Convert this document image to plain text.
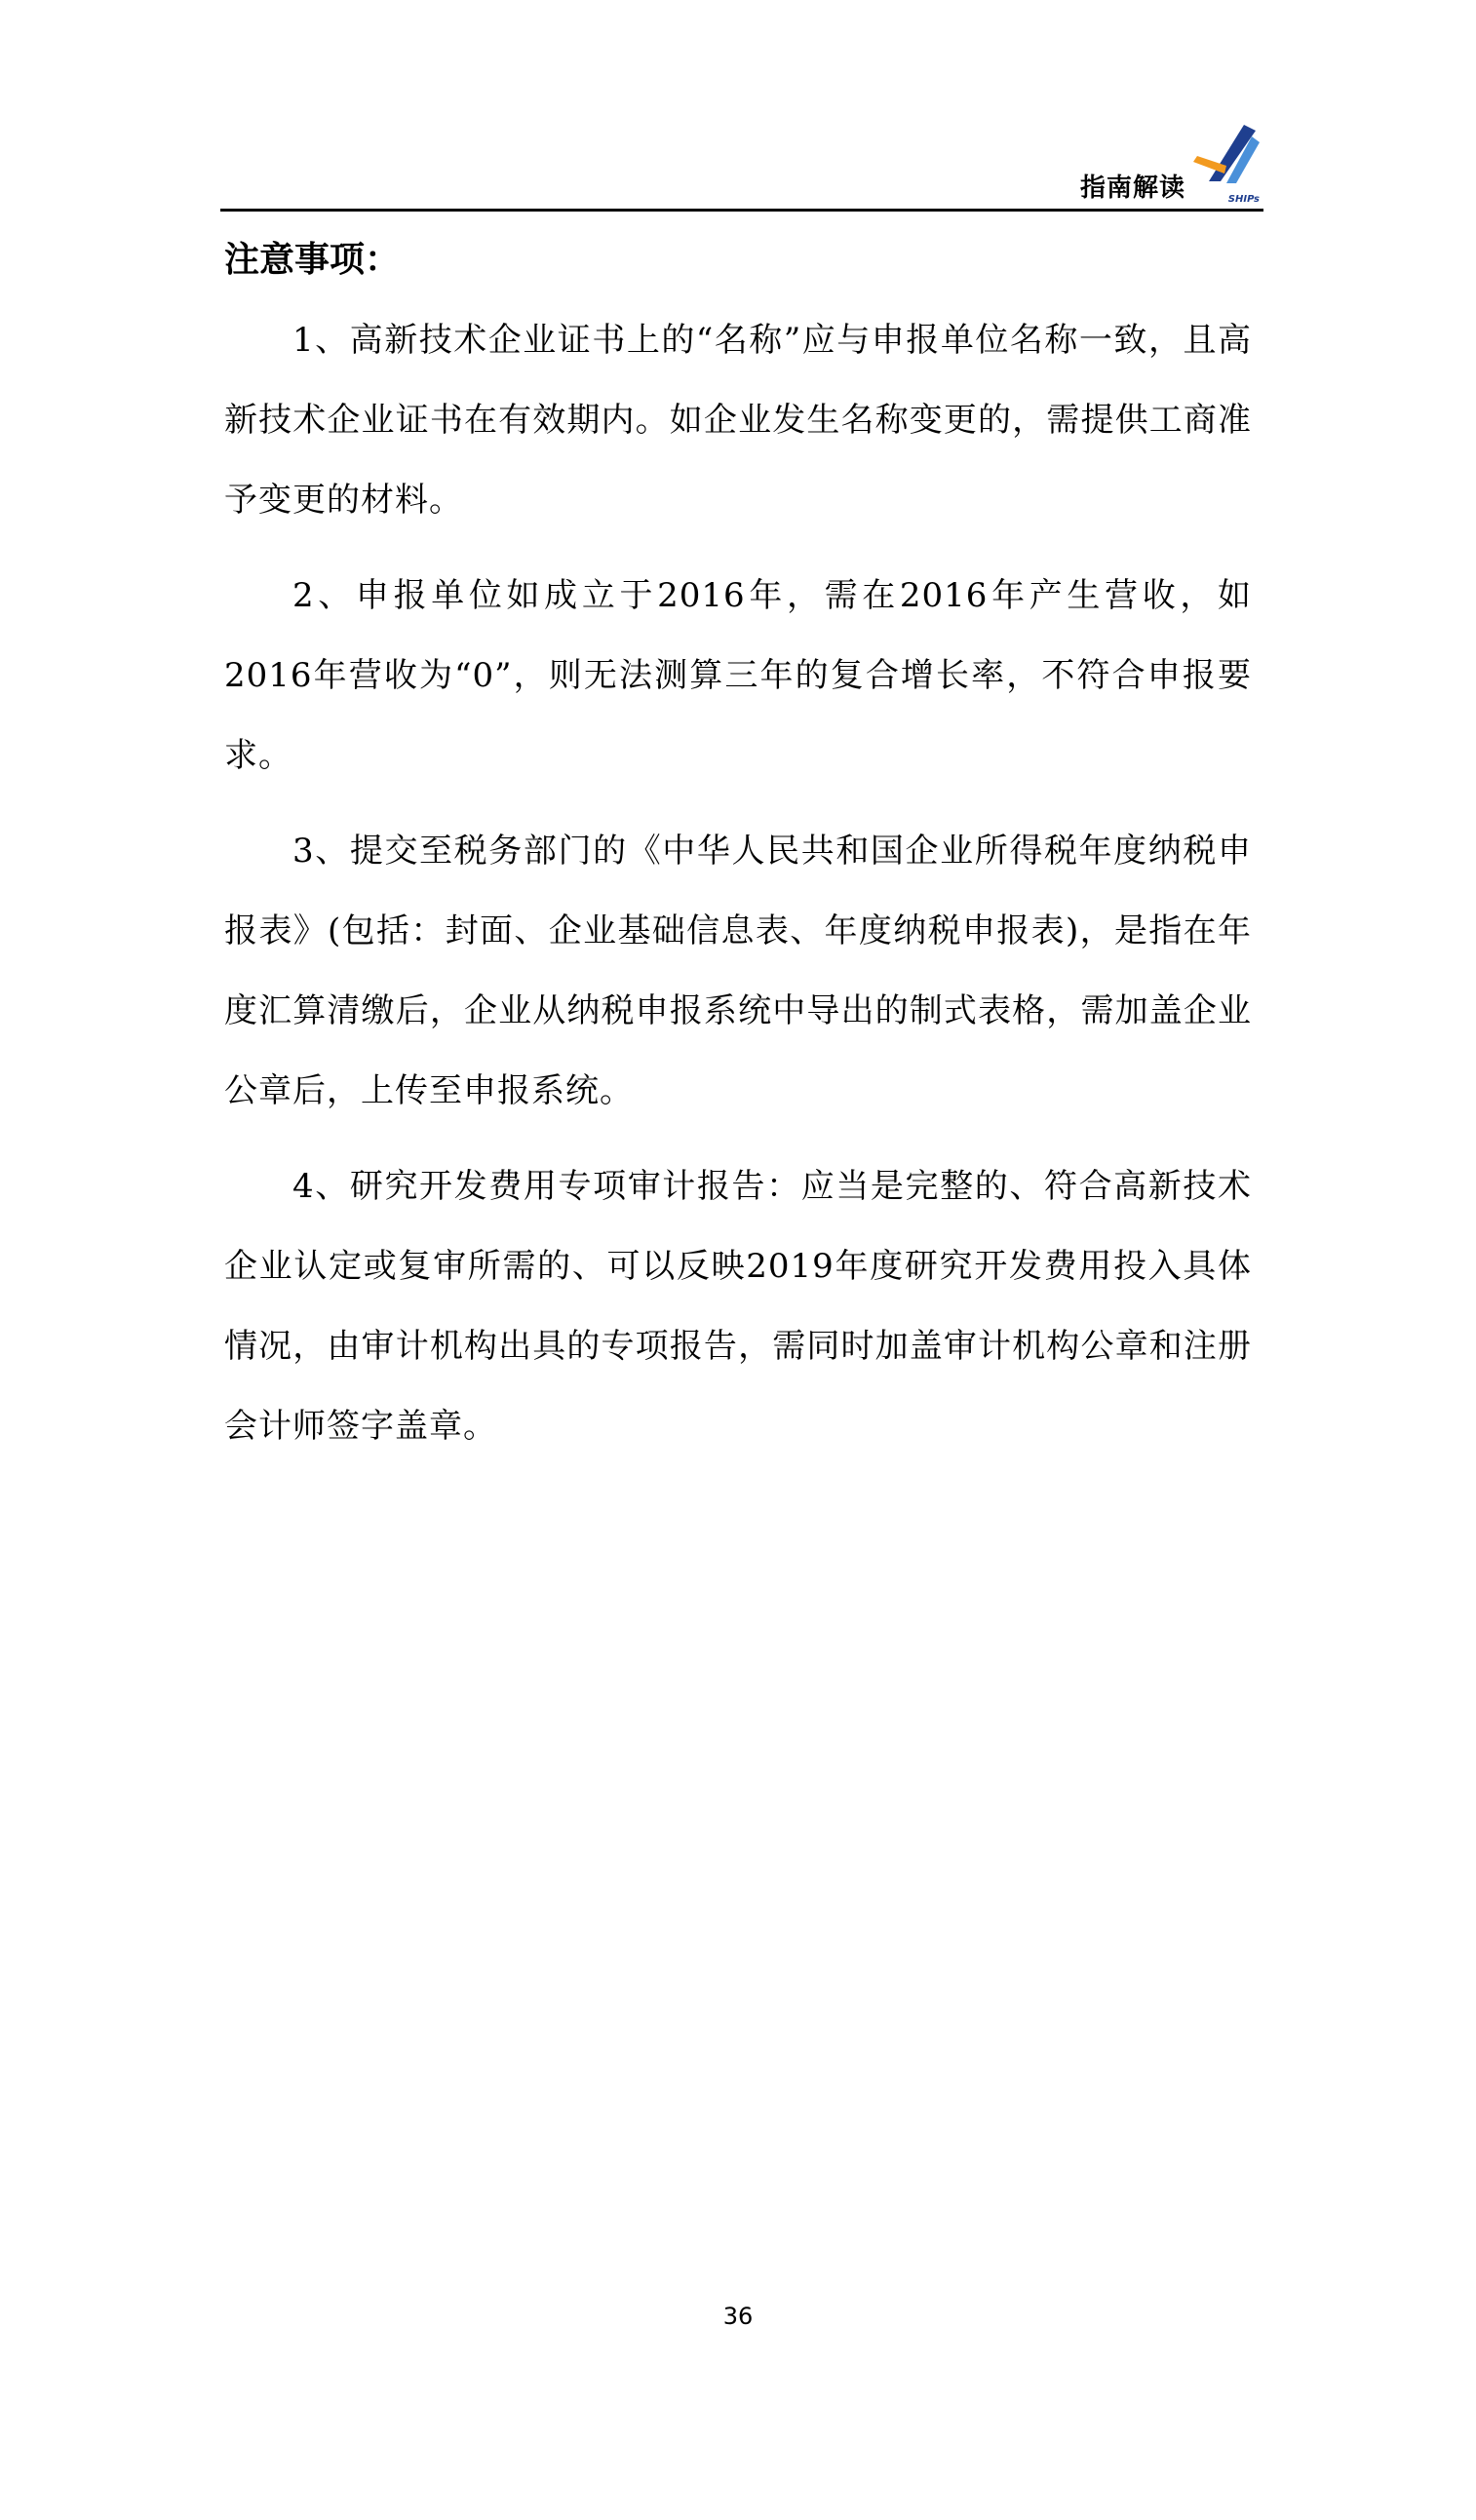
指南解读	SHIPs
注意事项：

1、高新技术企业证书上的“名称”应与申报单位名称一致，且高新技术企业证书在有效期内。如企业发生名称变更的，需提供工商准予变更的材料。

2、申报单位如成立于2016年，需在2016年产生营收，如2016年营收为“0”，则无法测算三年的复合增长率，不符合申报要求。

3、提交至税务部门的《中华人民共和国企业所得税年度纳税申报表》(包括：封面、企业基础信息表、年度纳税申报表)，是指在年度汇算清缴后，企业从纳税申报系统中导出的制式表格，需加盖企业公章后，上传至申报系统。

4、研究开发费用专项审计报告：应当是完整的、符合高新技术企业认定或复审所需的、可以反映2019年度研究开发费用投入具体情况，由审计机构出具的专项报告，需同时加盖审计机构公章和注册会计师签字盖章。

36
